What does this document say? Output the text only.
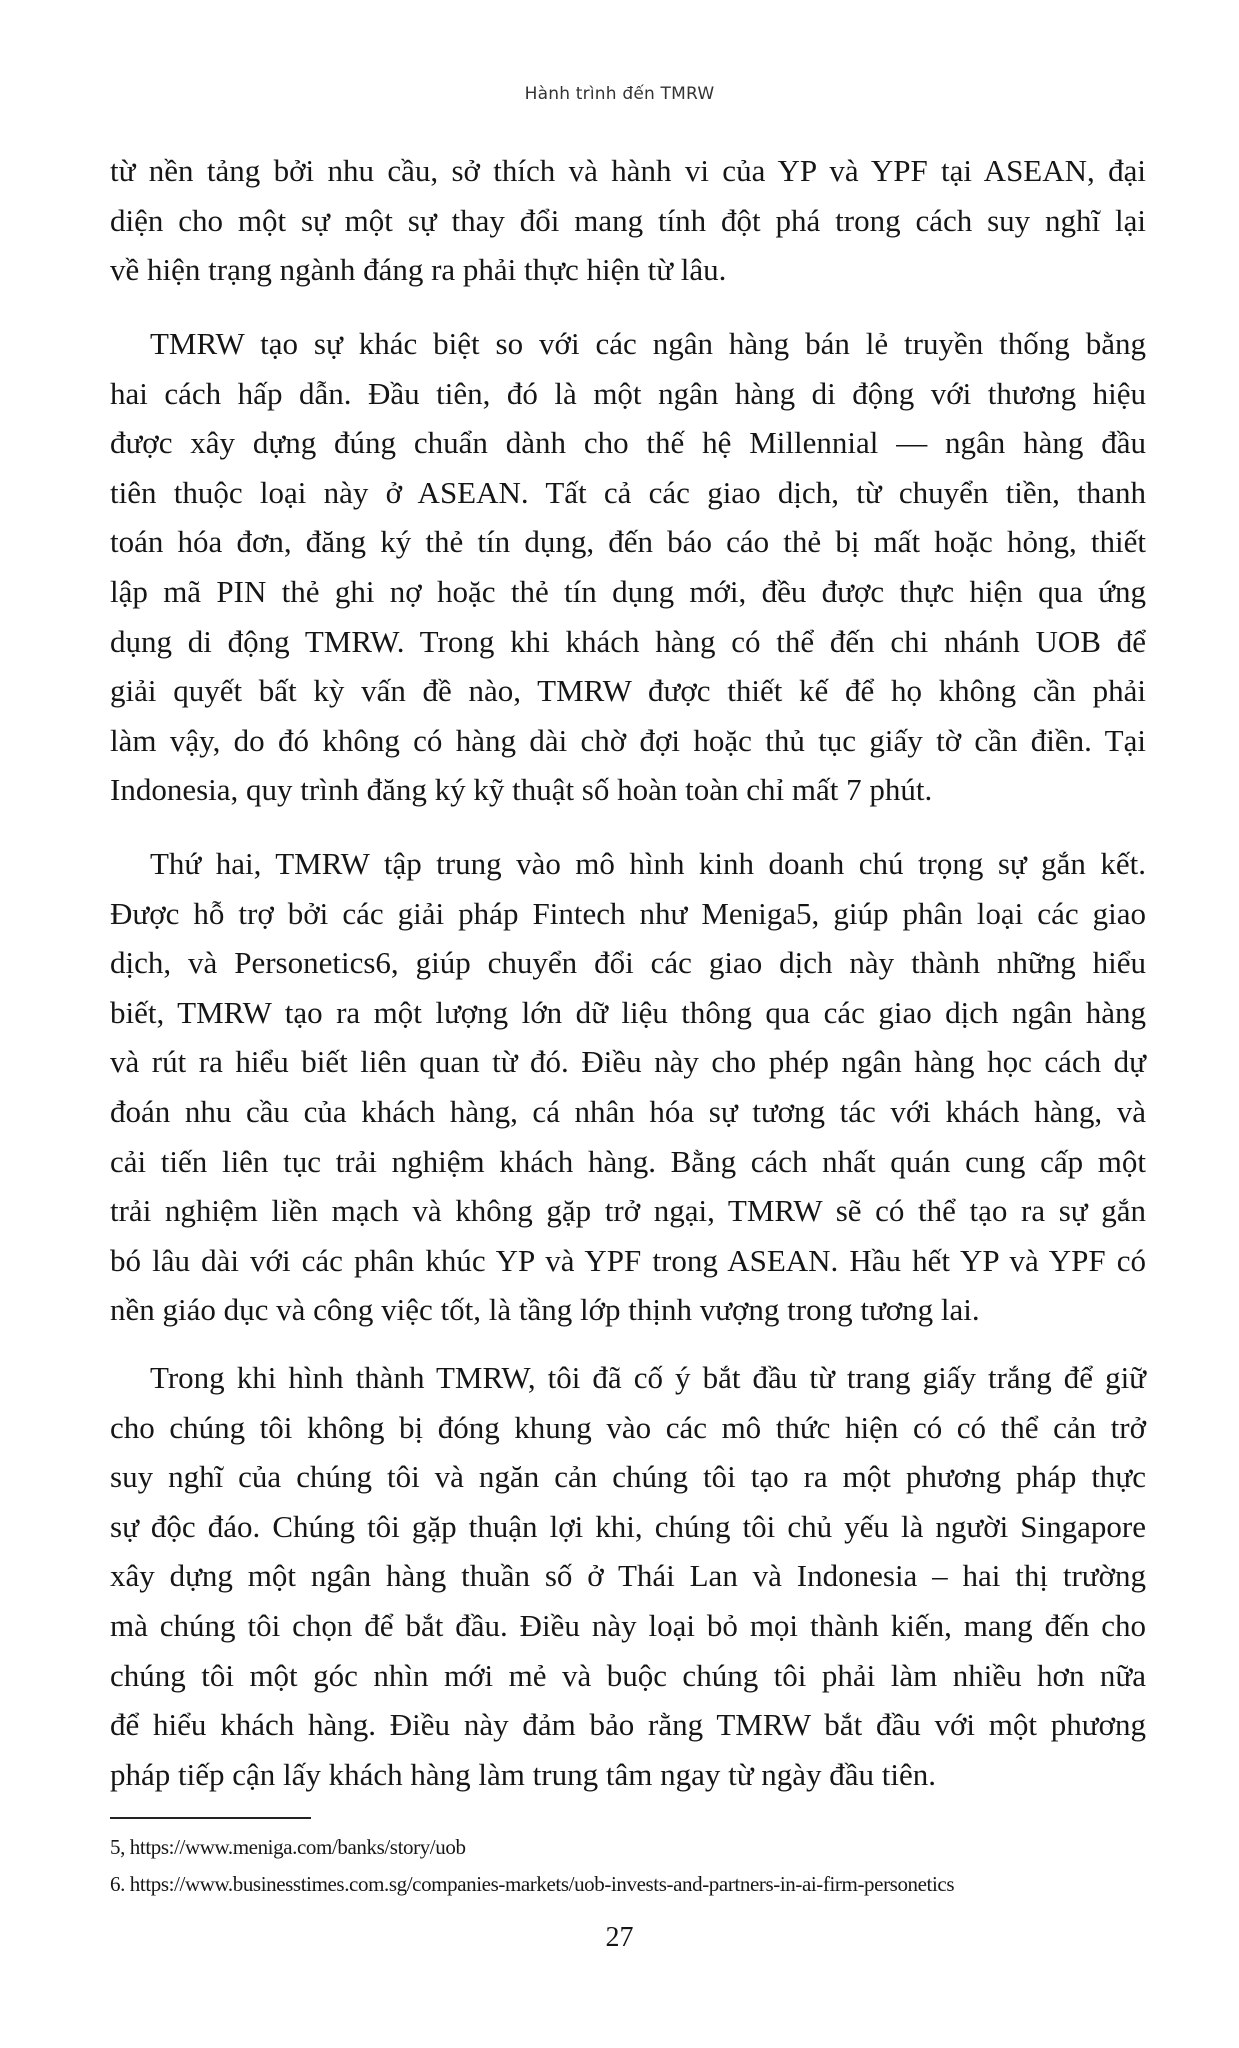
Hành trình đến TMRW
từ nền tảng bởi nhu cầu, sở thích và hành vi của YP và YPF tại ASEAN, đại
diện cho một sự một sự thay đổi mang tính đột phá trong cách suy nghĩ lại
về hiện trạng ngành đáng ra phải thực hiện từ lâu.
TMRW tạo sự khác biệt so với các ngân hàng bán lẻ truyền thống bằng
hai cách hấp dẫn. Đầu tiên, đó là một ngân hàng di động với thương hiệu
được xây dựng đúng chuẩn dành cho thế hệ Millennial — ngân hàng đầu
tiên thuộc loại này ở ASEAN. Tất cả các giao dịch, từ chuyển tiền, thanh
toán hóa đơn, đăng ký thẻ tín dụng, đến báo cáo thẻ bị mất hoặc hỏng, thiết
lập mã PIN thẻ ghi nợ hoặc thẻ tín dụng mới, đều được thực hiện qua ứng
dụng di động TMRW. Trong khi khách hàng có thể đến chi nhánh UOB để
giải quyết bất kỳ vấn đề nào, TMRW được thiết kế để họ không cần phải
làm vậy, do đó không có hàng dài chờ đợi hoặc thủ tục giấy tờ cần điền. Tại
Indonesia, quy trình đăng ký kỹ thuật số hoàn toàn chỉ mất 7 phút.
Thứ hai, TMRW tập trung vào mô hình kinh doanh chú trọng sự gắn kết.
Được hỗ trợ bởi các giải pháp Fintech như Meniga5, giúp phân loại các giao
dịch, và Personetics6, giúp chuyển đổi các giao dịch này thành những hiểu
biết, TMRW tạo ra một lượng lớn dữ liệu thông qua các giao dịch ngân hàng
và rút ra hiểu biết liên quan từ đó. Điều này cho phép ngân hàng học cách dự
đoán nhu cầu của khách hàng, cá nhân hóa sự tương tác với khách hàng, và
cải tiến liên tục trải nghiệm khách hàng. Bằng cách nhất quán cung cấp một
trải nghiệm liền mạch và không gặp trở ngại, TMRW sẽ có thể tạo ra sự gắn
bó lâu dài với các phân khúc YP và YPF trong ASEAN. Hầu hết YP và YPF có
nền giáo dục và công việc tốt, là tầng lớp thịnh vượng trong tương lai.
Trong khi hình thành TMRW, tôi đã cố ý bắt đầu từ trang giấy trắng để giữ
cho chúng tôi không bị đóng khung vào các mô thức hiện có có thể cản trở
suy nghĩ của chúng tôi và ngăn cản chúng tôi tạo ra một phương pháp thực
sự độc đáo. Chúng tôi gặp thuận lợi khi, chúng tôi chủ yếu là người Singapore
xây dựng một ngân hàng thuần số ở Thái Lan và Indonesia – hai thị trường
mà chúng tôi chọn để bắt đầu. Điều này loại bỏ mọi thành kiến, mang đến cho
chúng tôi một góc nhìn mới mẻ và buộc chúng tôi phải làm nhiều hơn nữa
để hiểu khách hàng. Điều này đảm bảo rằng TMRW bắt đầu với một phương
pháp tiếp cận lấy khách hàng làm trung tâm ngay từ ngày đầu tiên.
5, https://www.meniga.com/banks/story/uob
6. https://www.businesstimes.com.sg/companies-markets/uob-invests-and-partners-in-ai-firm-personetics
27
